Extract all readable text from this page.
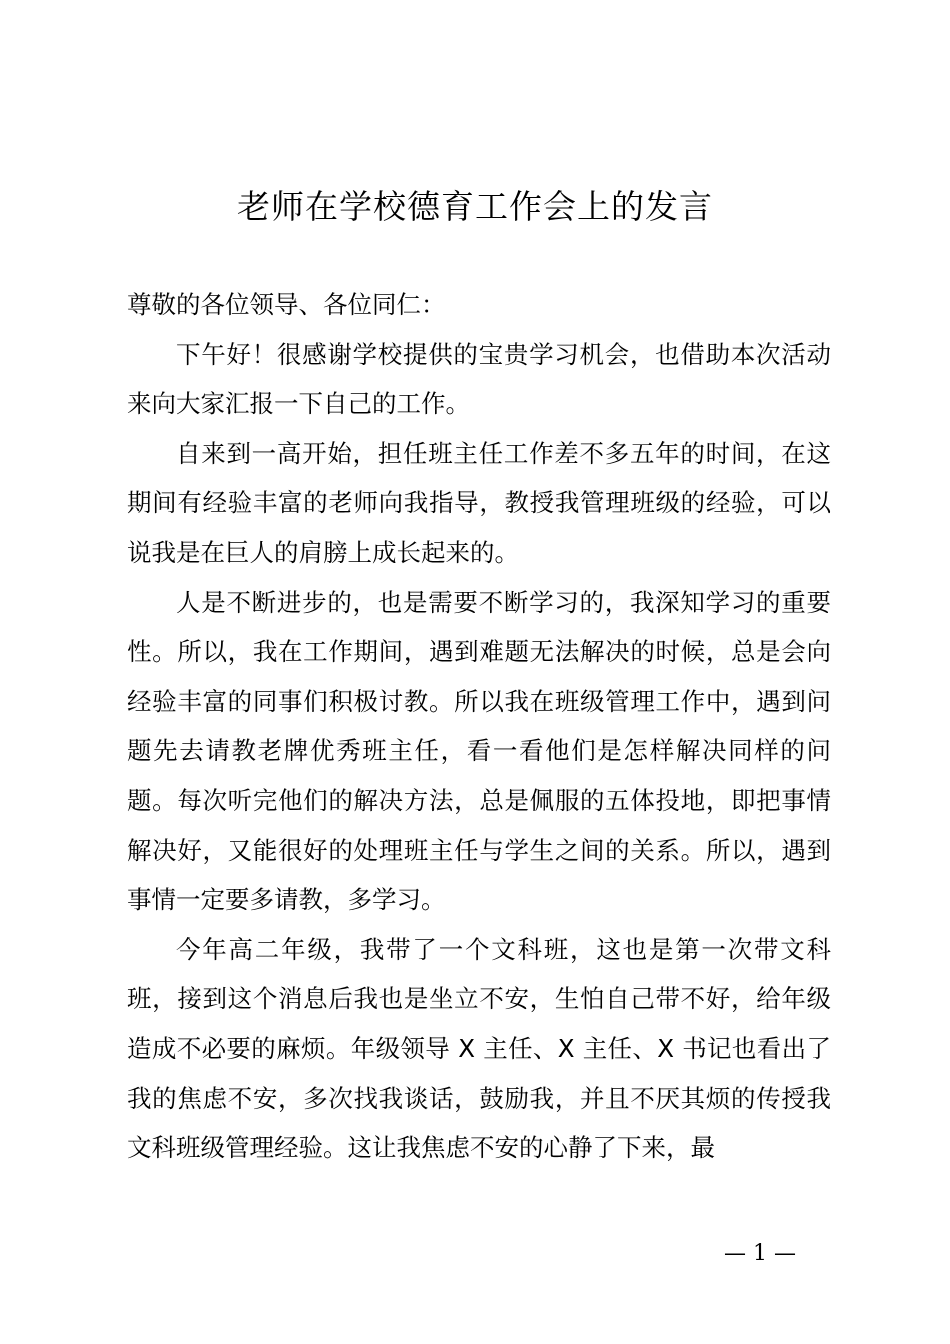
老师在学校德育工作会上的发言

尊敬的各位领导、各位同仁：

下午好！很感谢学校提供的宝贵学习机会，也借助本次活动来向大家汇报一下自己的工作。

自来到一高开始，担任班主任工作差不多五年的时间，在这期间有经验丰富的老师向我指导，教授我管理班级的经验，可以说我是在巨人的肩膀上成长起来的。

人是不断进步的，也是需要不断学习的，我深知学习的重要性。所以，我在工作期间，遇到难题无法解决的时候，总是会向经验丰富的同事们积极讨教。所以我在班级管理工作中，遇到问题先去请教老牌优秀班主任，看一看他们是怎样解决同样的问题。每次听完他们的解决方法，总是佩服的五体投地，即把事情解决好，又能很好的处理班主任与学生之间的关系。所以，遇到事情一定要多请教，多学习。

今年高二年级，我带了一个文科班，这也是第一次带文科班，接到这个消息后我也是坐立不安，生怕自己带不好，给年级造成不必要的麻烦。年级领导 X 主任、X 主任、X 书记也看出了我的焦虑不安，多次找我谈话，鼓励我，并且不厌其烦的传授我文科班级管理经验。这让我焦虑不安的心静了下来，最

— 1 —
